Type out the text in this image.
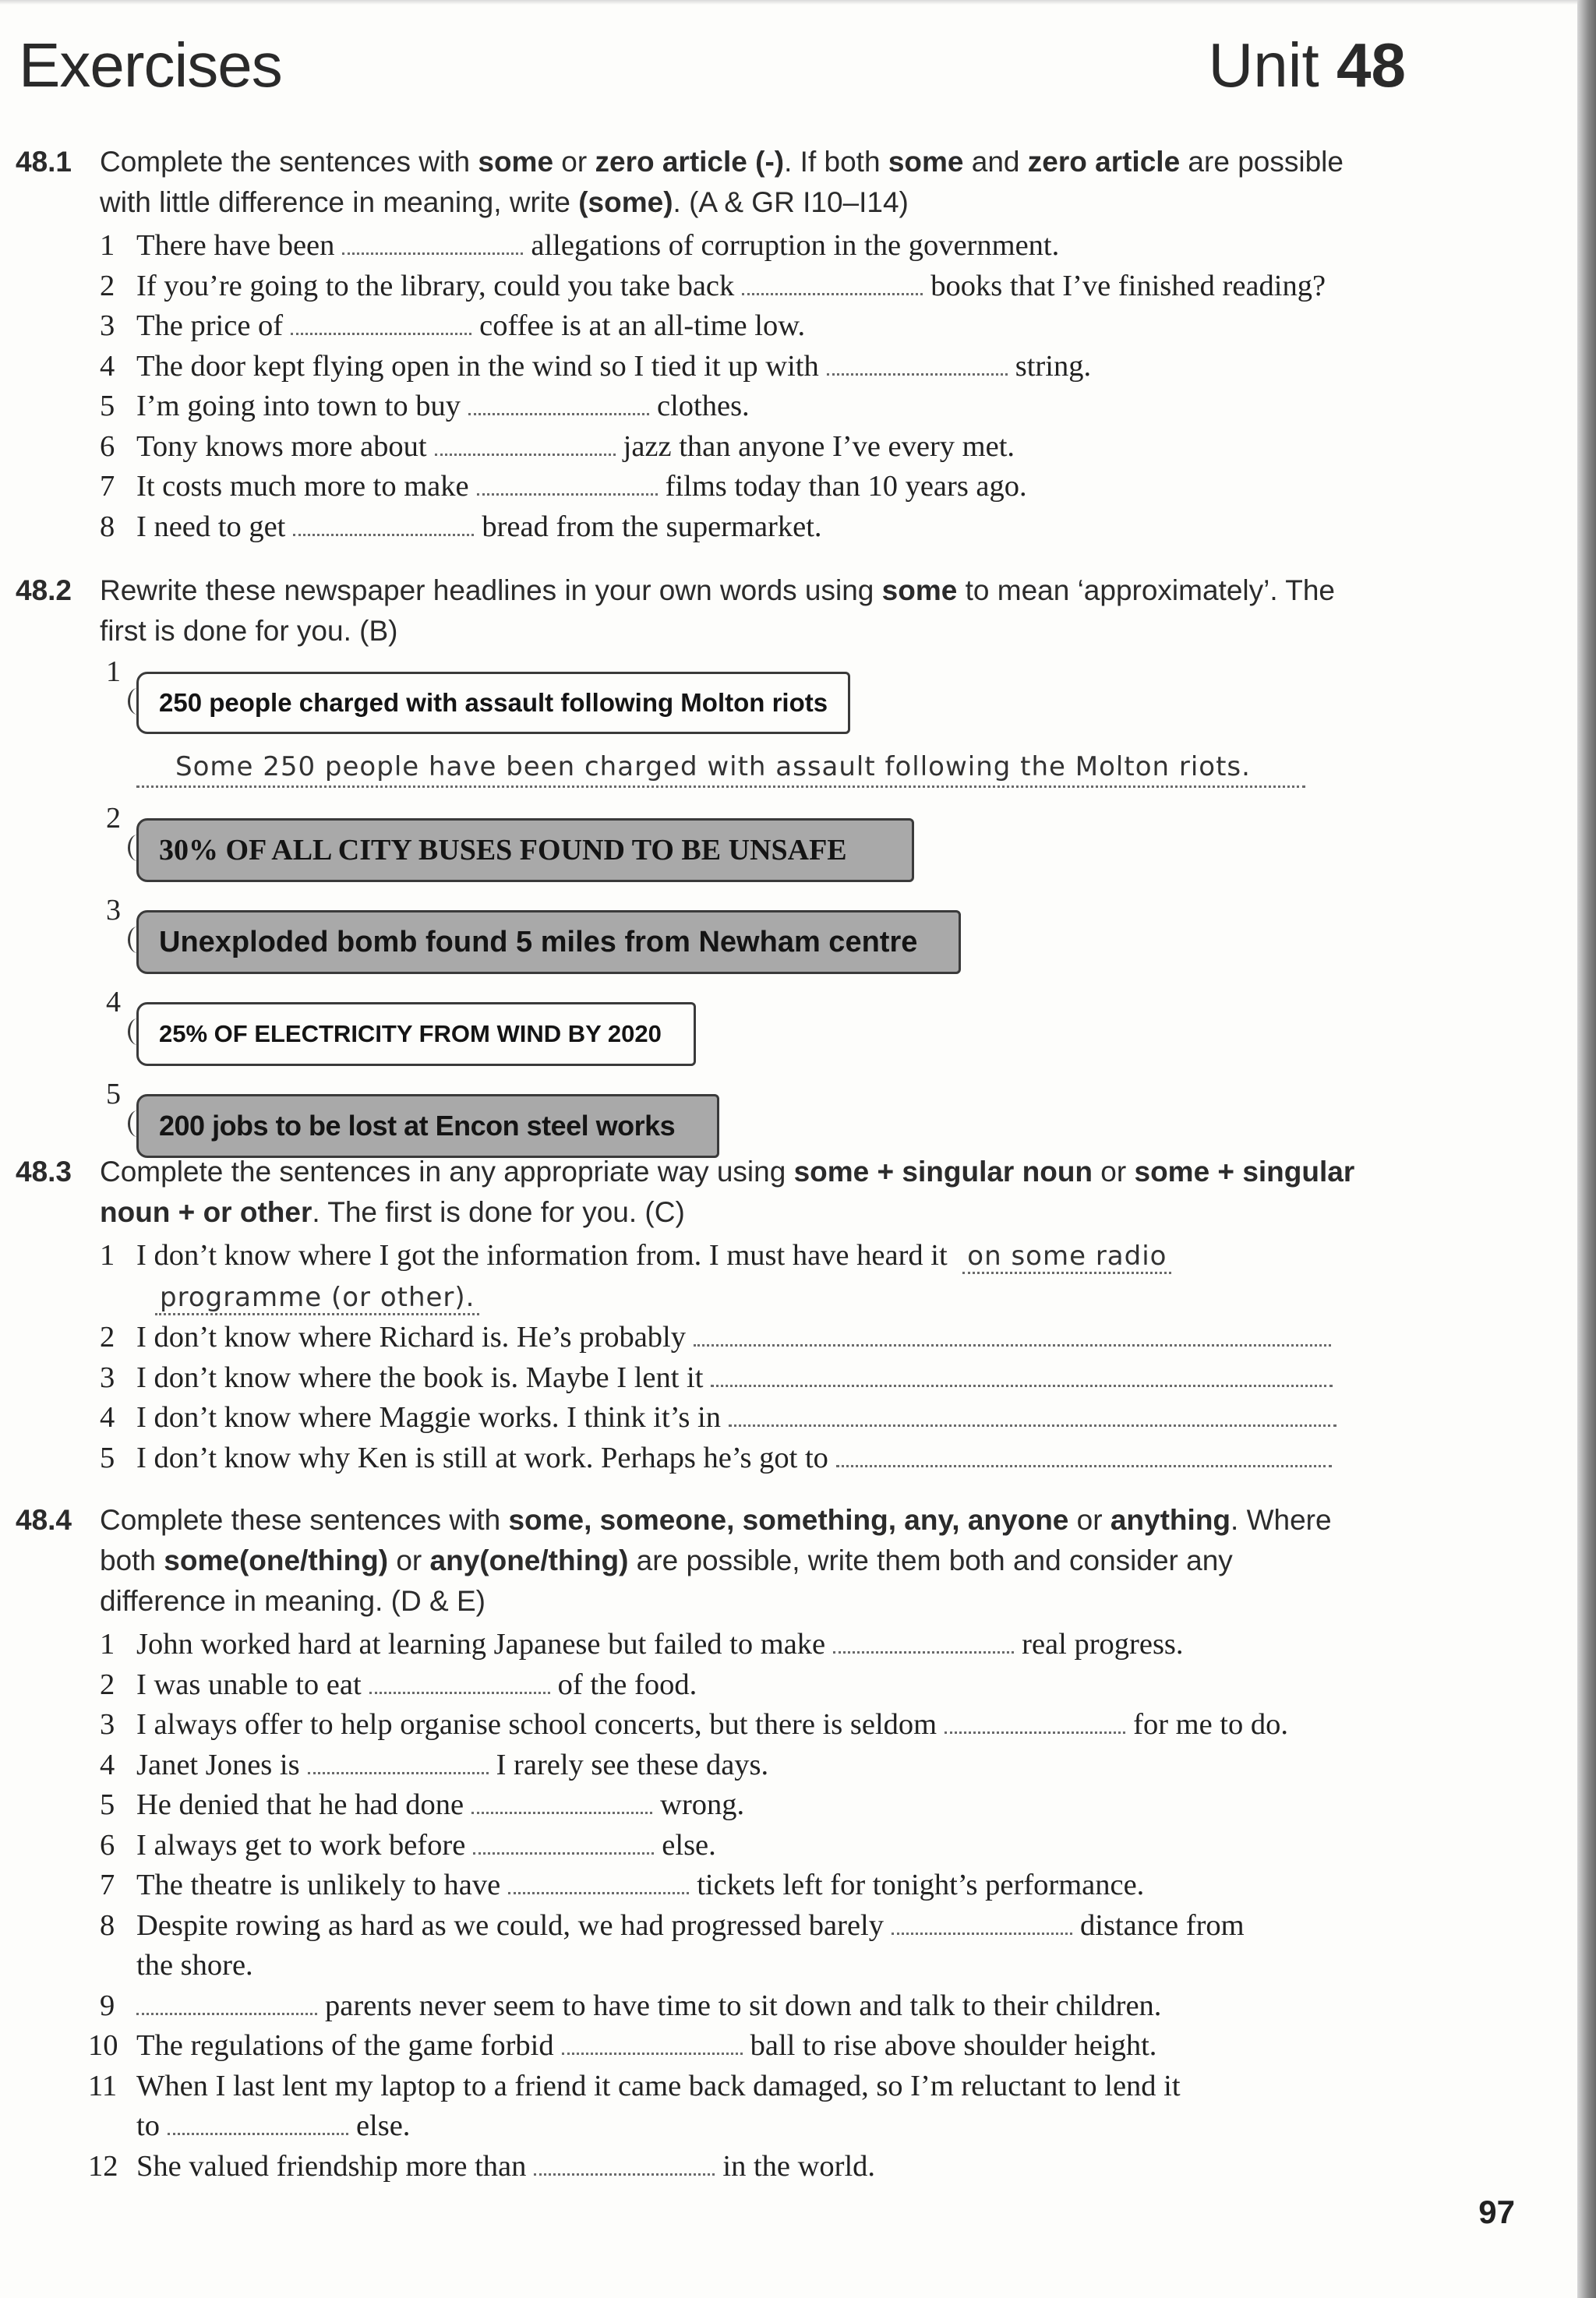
Exercises	Unit 48
48.1 Complete the sentences with some or zero article (-). If both some and zero article are possible
with little difference in meaning, write (some). (A & GR I10–I14)
1 There have been	allegations of corruption in the government.
2 If you’re going to the library, could you take back	books that I’ve finished reading?
3 The price of	coffee is at an all-time low.
4 The door kept flying open in the wind so I tied it up with	string.
5 I’m going into town to buy	clothes.
6 Tony knows more about	jazz than anyone I’ve every met.
7 It costs much more to make	films today than 10 years ago.
8 I need to get	bread from the supermarket.
48.2 Rewrite these newspaper headlines in your own words using some to mean ‘approximately’. The
first is done for you. (B)
1
250 people charged with assault following Molton riots
Some 250 people have been charged with assault following the Molton riots.
2
30% OF ALL CITY BUSES FOUND TO BE UNSAFE
3
Unexploded bomb found 5 miles from Newham centre
4
25% OF ELECTRICITY FROM WIND BY 2020
5
200 jobs to be lost at Encon steel works
48.3 Complete the sentences in any appropriate way using some + singular noun or some + singular
noun + or other. The first is done for you. (C)
1 I don’t know where I got the information from. I must have heard it on some radio
programme (or other).
2 I don’t know where Richard is. He’s probably
3 I don’t know where the book is. Maybe I lent it
4 I don’t know where Maggie works. I think it’s in
5 I don’t know why Ken is still at work. Perhaps he’s got to
48.4 Complete these sentences with some, someone, something, any, anyone or anything. Where
both some(one/thing) or any(one/thing) are possible, write them both and consider any
difference in meaning. (D & E)
1 John worked hard at learning Japanese but failed to make	real progress.
2 I was unable to eat	of the food.
3 I always offer to help organise school concerts, but there is seldom	for me to do.
4 Janet Jones is	I rarely see these days.
5 He denied that he had done	wrong.
6 I always get to work before	else.
7 The theatre is unlikely to have	tickets left for tonight’s performance.
8 Despite rowing as hard as we could, we had progressed barely	distance from
the shore.
9	parents never seem to have time to sit down and talk to their children.
10 The regulations of the game forbid	ball to rise above shoulder height.
11 When I last lent my laptop to a friend it came back damaged, so I’m reluctant to lend it
to	else.
12 She valued friendship more than	in the world.
97
